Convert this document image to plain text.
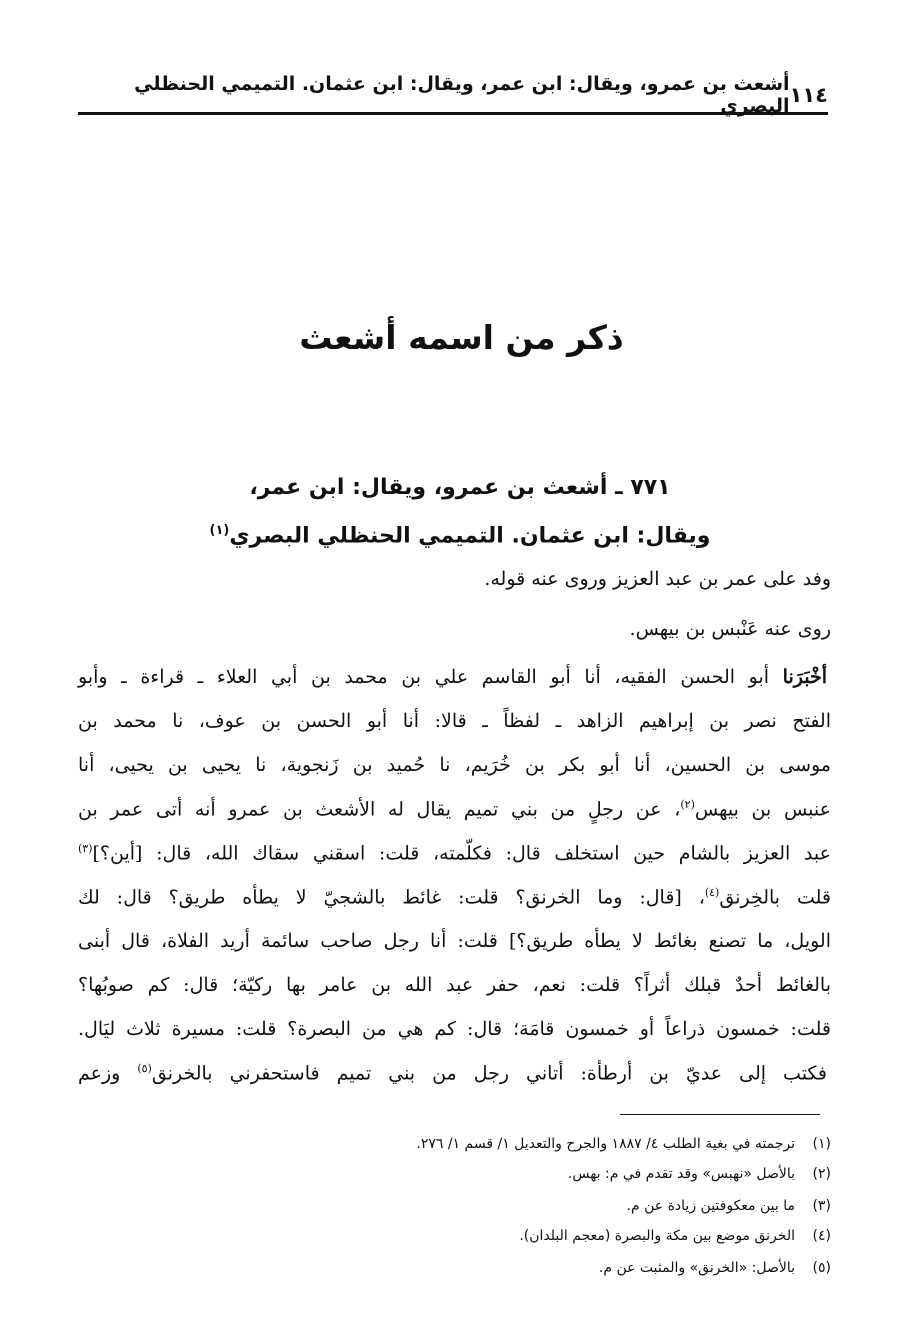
١١٤
أشعث بن عمرو، ويقال: ابن عمر، ويقال: ابن عثمان. التميمي الحنظلي البصري
ذكر من اسمه أشعث
٧٧١ ـ أشعث بن عمرو، ويقال: ابن عمر،
ويقال: ابن عثمان. التميمي الحنظلي البصري$^{(١)}$
وفد على عمر بن عبد العزيز وروى عنه قوله.
روى عنه عَنْبس بن بيهس.
أخْبَرَنا أبو الحسن الفقيه، أنا أبو القاسم علي بن محمد بن أبي العلاء ـ قراءة ـ وأبو
الفتح نصر بن إبراهيم الزاهد ـ لفظاً ـ قالا: أنا أبو الحسن بن عوف، نا محمد بن
موسى بن الحسين، أنا أبو بكر بن خُرَيم، نا حُميد بن زَنجوية، نا يحيى بن يحيى، أنا
عنبس بن بيهس$^{(٢)}$، عن رجلٍ من بني تميم يقال له الأشعث بن عمرو أنه أتى عمر بن
عبد العزيز بالشام حين استخلف قال: فكلّمته، قلت: اسقني سقاك الله، قال: [أين؟]$^{(٣)}$
قلت بالخِرنق$^{(٤)}$، [قال: وما الخرنق؟ قلت: غائط بالشجيّ لا يطأه طريق؟ قال: لك
الويل، ما تصنع بغائط لا يطأه طريق؟] قلت: أنا رجل صاحب سائمة أريد الفلاة، قال أبنى
بالغائط أحدٌ قبلك أثراً؟ قلت: نعم، حفر عبد الله بن عامر بها ركيّة؛ قال: كم صوبُها؟
قلت: خمسون ذراعاً أو خمسون قامَة؛ قال: كم هي من البصرة؟ قلت: مسيرة ثلاث ليَال.
فكتب إلى عديّ بن أرطأة: أتاني رجل من بني تميم فاستحفرني بالخرنق$^{(٥)}$ وزعم
(١)ترجمته في بغية الطلب ٤/ ١٨٨٧ والجرح والتعديل ١/ قسم ١/ ٢٧٦.
(٢)بالأصل «نهبس» وقد تقدم في م: بهس.
(٣)ما بين معكوفتين زيادة عن م.
(٤)الخرنق موضع بين مكة والبصرة (معجم البلدان).
(٥)بالأصل: «الخرنق» والمثبت عن م.
